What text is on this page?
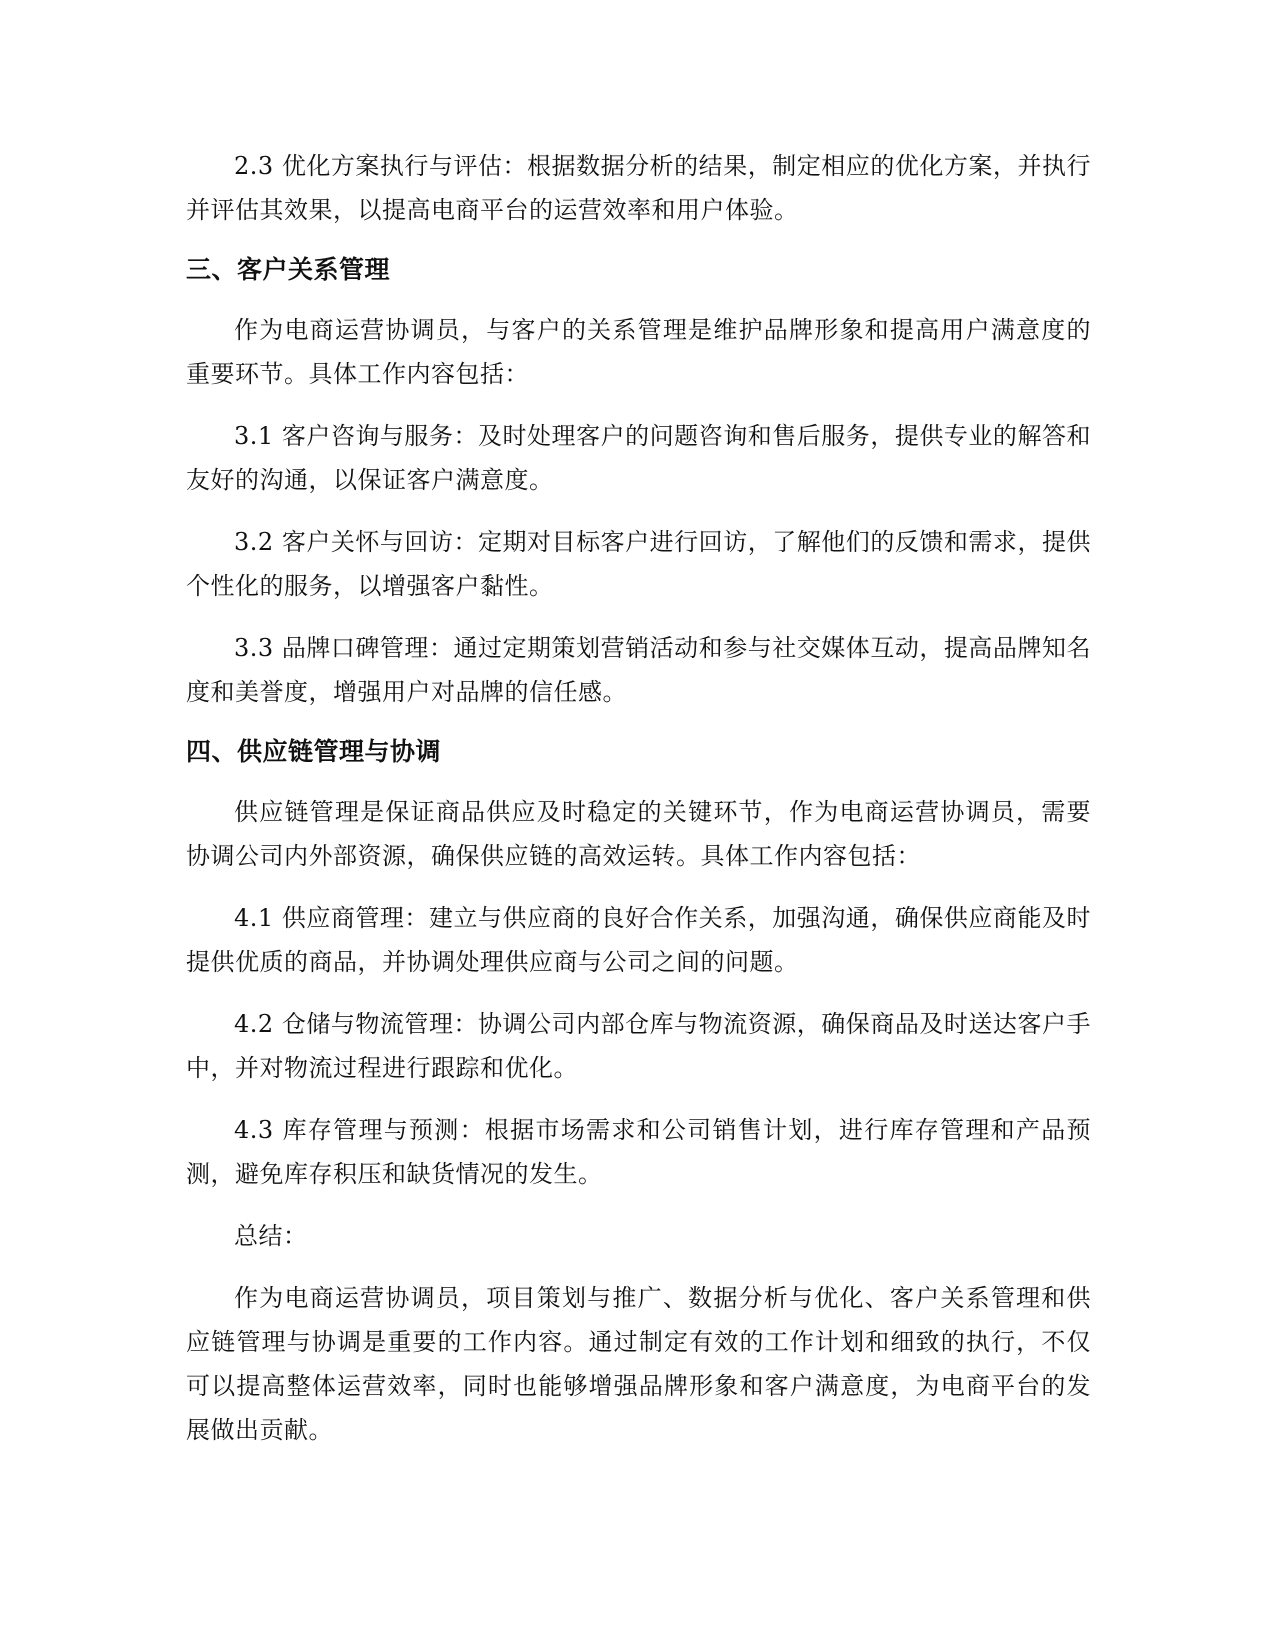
2.3 优化方案执行与评估：根据数据分析的结果，制定相应的优化方案，并执行并评估其效果，以提高电商平台的运营效率和用户体验。

三、客户关系管理

作为电商运营协调员，与客户的关系管理是维护品牌形象和提高用户满意度的重要环节。具体工作内容包括：

3.1 客户咨询与服务：及时处理客户的问题咨询和售后服务，提供专业的解答和友好的沟通，以保证客户满意度。

3.2 客户关怀与回访：定期对目标客户进行回访，了解他们的反馈和需求，提供个性化的服务，以增强客户黏性。

3.3 品牌口碑管理：通过定期策划营销活动和参与社交媒体互动，提高品牌知名度和美誉度，增强用户对品牌的信任感。

四、供应链管理与协调

供应链管理是保证商品供应及时稳定的关键环节，作为电商运营协调员，需要协调公司内外部资源，确保供应链的高效运转。具体工作内容包括：

4.1 供应商管理：建立与供应商的良好合作关系，加强沟通，确保供应商能及时提供优质的商品，并协调处理供应商与公司之间的问题。

4.2 仓储与物流管理：协调公司内部仓库与物流资源，确保商品及时送达客户手中，并对物流过程进行跟踪和优化。

4.3 库存管理与预测：根据市场需求和公司销售计划，进行库存管理和产品预测，避免库存积压和缺货情况的发生。

总结：

作为电商运营协调员，项目策划与推广、数据分析与优化、客户关系管理和供应链管理与协调是重要的工作内容。通过制定有效的工作计划和细致的执行，不仅可以提高整体运营效率，同时也能够增强品牌形象和客户满意度，为电商平台的发展做出贡献。
